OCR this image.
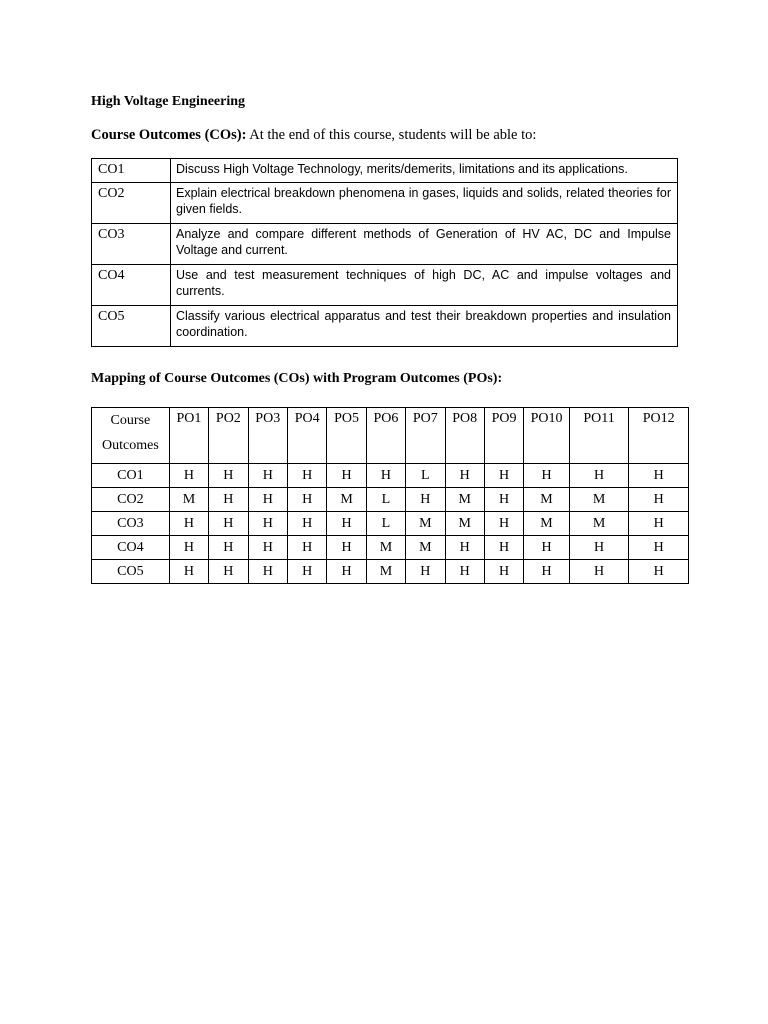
High Voltage Engineering
Course Outcomes (COs): At the end of this course, students will be able to:
CO1	Discuss High Voltage Technology, merits/demerits, limitations and its applications.
CO2	Explain electrical breakdown phenomena in gases, liquids and solids, related theories for given fields.
CO3	Analyze and compare different methods of Generation of HV AC, DC and Impulse Voltage and current.
CO4	Use and test measurement techniques of high DC, AC and impulse voltages and currents.
CO5	Classify various electrical apparatus and test their breakdown properties and insulation coordination.
Mapping of Course Outcomes (COs) with Program Outcomes (POs):
Course
Outcomes	PO1	PO2	PO3	PO4	PO5	PO6	PO7	PO8	PO9	PO10	PO11	PO12
CO1	H	H	H	H	H	H	L	H	H	H	H	H
CO2	M	H	H	H	M	L	H	M	H	M	M	H
CO3	H	H	H	H	H	L	M	M	H	M	M	H
CO4	H	H	H	H	H	M	M	H	H	H	H	H
CO5	H	H	H	H	H	M	H	H	H	H	H	H
